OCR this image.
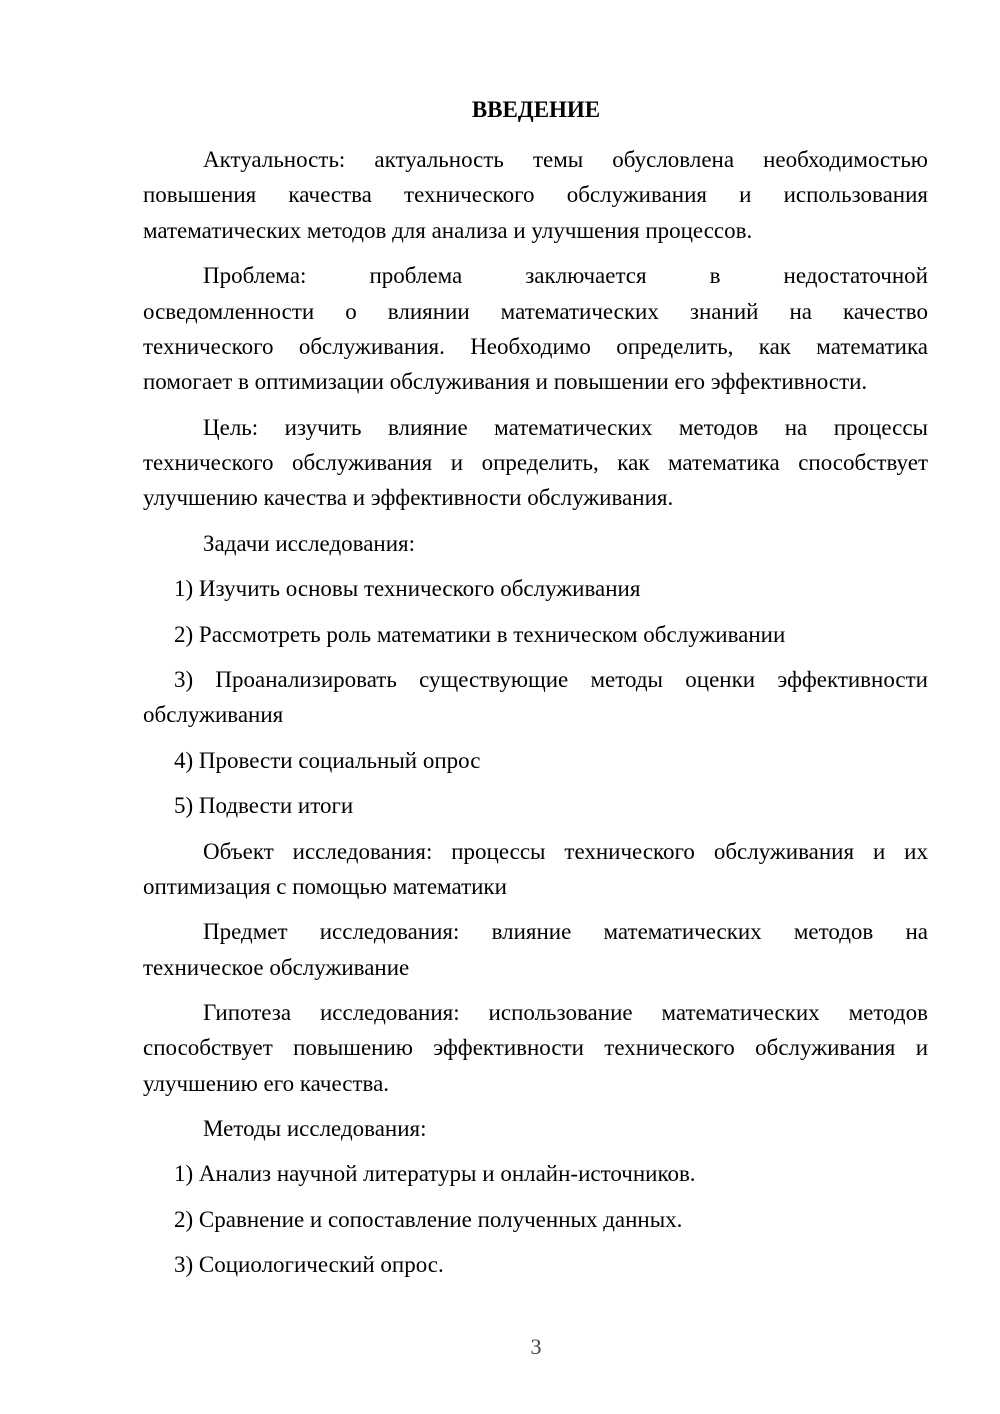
ВВЕДЕНИЕ
Актуальность: актуальность темы обусловлена необходимостью
повышения качества технического обслуживания и использования
математических методов для анализа и улучшения процессов.
Проблема: проблема заключается в недостаточной
осведомленности о влиянии математических знаний на качество
технического обслуживания. Необходимо определить, как математика
помогает в оптимизации обслуживания и повышении его эффективности.
Цель: изучить влияние математических методов на процессы
технического обслуживания и определить, как математика способствует
улучшению качества и эффективности обслуживания.
Задачи исследования:
1) Изучить основы технического обслуживания
2) Рассмотреть роль математики в техническом обслуживании
3) Проанализировать существующие методы оценки эффективности
обслуживания
4) Провести социальный опрос
5) Подвести итоги
Объект исследования: процессы технического обслуживания и их
оптимизация с помощью математики
Предмет исследования: влияние математических методов на
техническое обслуживание
Гипотеза исследования: использование математических методов
способствует повышению эффективности технического обслуживания и
улучшению его качества.
Методы исследования:
1) Анализ научной литературы и онлайн-источников.
2) Сравнение и сопоставление полученных данных.
3) Социологический опрос.
3
